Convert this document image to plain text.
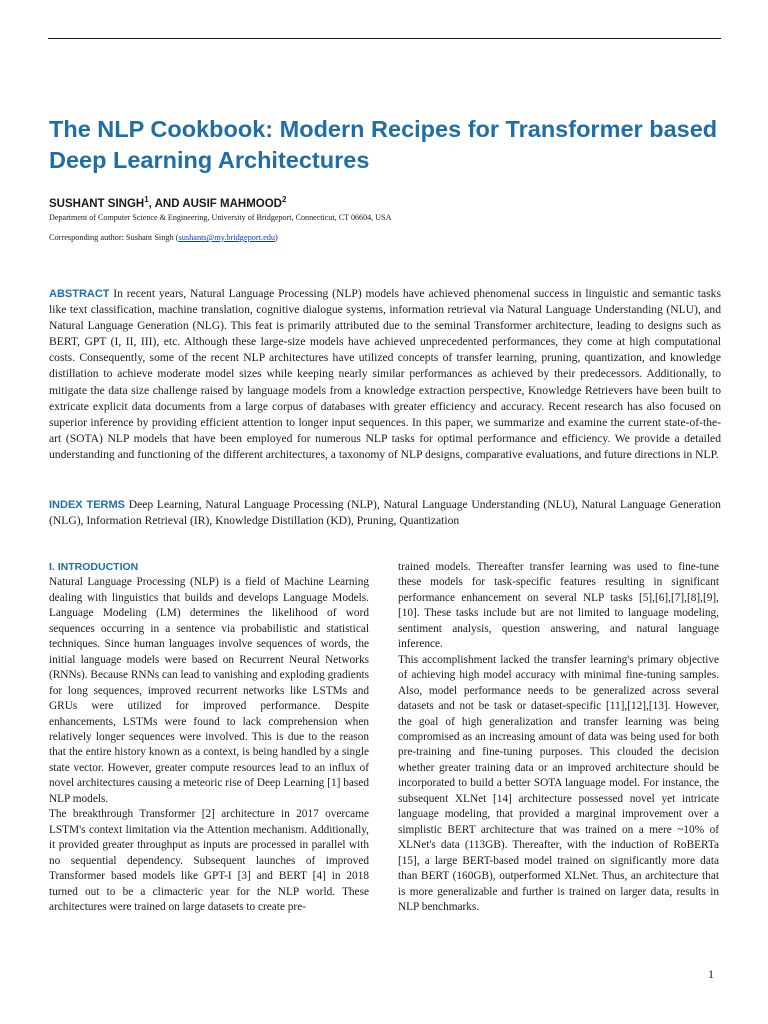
The NLP Cookbook: Modern Recipes for Transformer based Deep Learning Architectures
SUSHANT SINGH$^1$, AND AUSIF MAHMOOD$^2$
Department of Computer Science & Engineering, University of Bridgeport, Connecticut, CT 06604, USA
Corresponding author: Sushant Singh (sushants@my.bridgeport.edu)

ABSTRACT In recent years, Natural Language Processing (NLP) models have achieved phenomenal success in linguistic and semantic tasks like text classification, machine translation, cognitive dialogue systems, information retrieval via Natural Language Understanding (NLU), and Natural Language Generation (NLG). This feat is primarily attributed due to the seminal Transformer architecture, leading to designs such as BERT, GPT (I, II, III), etc. Although these large-size models have achieved unprecedented performances, they come at high computational costs. Consequently, some of the recent NLP architectures have utilized concepts of transfer learning, pruning, quantization, and knowledge distillation to achieve moderate model sizes while keeping nearly similar performances as achieved by their predecessors. Additionally, to mitigate the data size challenge raised by language models from a knowledge extraction perspective, Knowledge Retrievers have been built to extricate explicit data documents from a large corpus of databases with greater efficiency and accuracy. Recent research has also focused on superior inference by providing efficient attention to longer input sequences. In this paper, we summarize and examine the current state-of-the-art (SOTA) NLP models that have been employed for numerous NLP tasks for optimal performance and efficiency. We provide a detailed understanding and functioning of the different architectures, a taxonomy of NLP designs, comparative evaluations, and future directions in NLP.

INDEX TERMS Deep Learning, Natural Language Processing (NLP), Natural Language Understanding (NLU), Natural Language Generation (NLG), Information Retrieval (IR), Knowledge Distillation (KD), Pruning, Quantization

I. INTRODUCTION

Natural Language Processing (NLP) is a field of Machine Learning dealing with linguistics that builds and develops Language Models. Language Modeling (LM) determines the likelihood of word sequences occurring in a sentence via probabilistic and statistical techniques. Since human languages involve sequences of words, the initial language models were based on Recurrent Neural Networks (RNNs). Because RNNs can lead to vanishing and exploding gradients for long sequences, improved recurrent networks like LSTMs and GRUs were utilized for improved performance. Despite enhancements, LSTMs were found to lack comprehension when relatively longer sequences were involved. This is due to the reason that the entire history known as a context, is being handled by a single state vector. However, greater compute resources lead to an influx of novel architectures causing a meteoric rise of Deep Learning [1] based NLP models.

The breakthrough Transformer [2] architecture in 2017 overcame LSTM's context limitation via the Attention mechanism. Additionally, it provided greater throughput as inputs are processed in parallel with no sequential dependency. Subsequent launches of improved Transformer based models like GPT-I [3] and BERT [4] in 2018 turned out to be a climacteric year for the NLP world. These architectures were trained on large datasets to create pre-

trained models. Thereafter transfer learning was used to fine-tune these models for task-specific features resulting in significant performance enhancement on several NLP tasks [5],[6],[7],[8],[9],[10]. These tasks include but are not limited to language modeling, sentiment analysis, question answering, and natural language inference.

This accomplishment lacked the transfer learning's primary objective of achieving high model accuracy with minimal fine-tuning samples. Also, model performance needs to be generalized across several datasets and not be task or dataset-specific [11],[12],[13]. However, the goal of high generalization and transfer learning was being compromised as an increasing amount of data was being used for both pre-training and fine-tuning purposes. This clouded the decision whether greater training data or an improved architecture should be incorporated to build a better SOTA language model. For instance, the subsequent XLNet [14] architecture possessed novel yet intricate language modeling, that provided a marginal improvement over a simplistic BERT architecture that was trained on a mere ~10% of XLNet's data (113GB). Thereafter, with the induction of RoBERTa [15], a large BERT-based model trained on significantly more data than BERT (160GB), outperformed XLNet. Thus, an architecture that is more generalizable and further is trained on larger data, results in NLP benchmarks.

1
